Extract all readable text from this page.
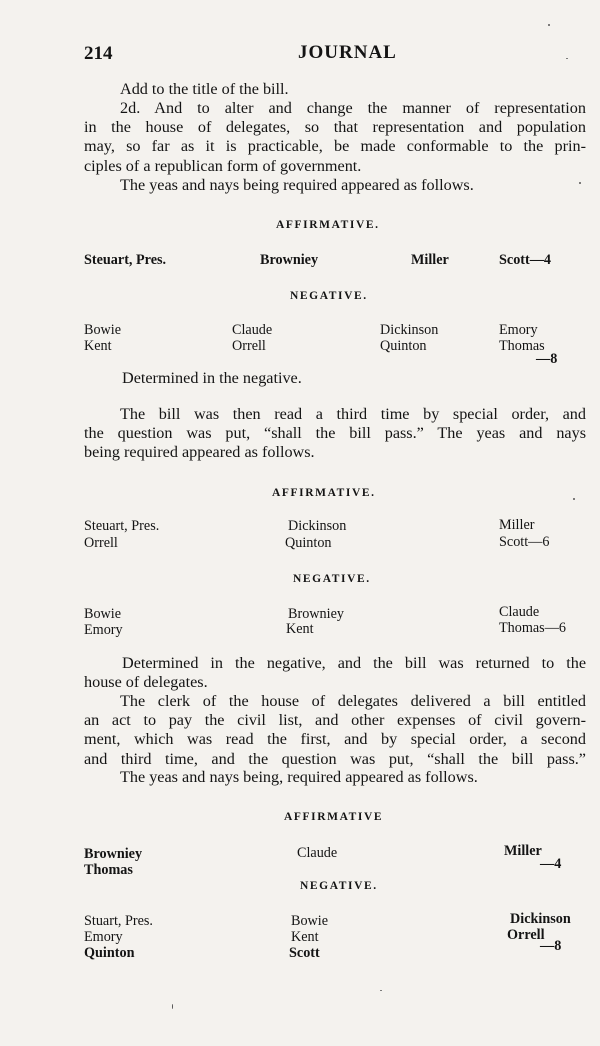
214	JOURNAL
Add to the title of the bill.
2d. And to alter and change the manner of representation
in the house of delegates, so that representation and population
may, so far as it is practicable, be made conformable to the prin-
ciples of a republican form of government.
The yeas and nays being required appeared as follows.
AFFIRMATIVE.
Steuart, Pres.	Browniey	Miller	Scott—4
NEGATIVE.
Bowie	Claude	Dickinson	Emory
Kent	Orrell	Quinton	Thomas
—8
Determined in the negative.
The bill was then read a third time by special order, and
the question was put, “shall the bill pass.” The yeas and nays
being required appeared as follows.
AFFIRMATIVE.
Steuart, Pres.	Dickinson	Miller
Orrell	Quinton	Scott—6
NEGATIVE.
Bowie	Browniey	Claude
Emory	Kent	Thomas—6
Determined in the negative, and the bill was returned to the
house of delegates.
The clerk of the house of delegates delivered a bill entitled
an act to pay the civil list, and other expenses of civil govern-
ment, which was read the first, and by special order, a second
and third time, and the question was put, “shall the bill pass.”
The yeas and nays being, required appeared as follows.
AFFIRMATIVE
Browniey	Claude	Miller
Thomas	—4
NEGATIVE.
Stuart, Pres.	Bowie	Dickinson
Emory	Kent	Orrell
Quinton	Scott	—8
